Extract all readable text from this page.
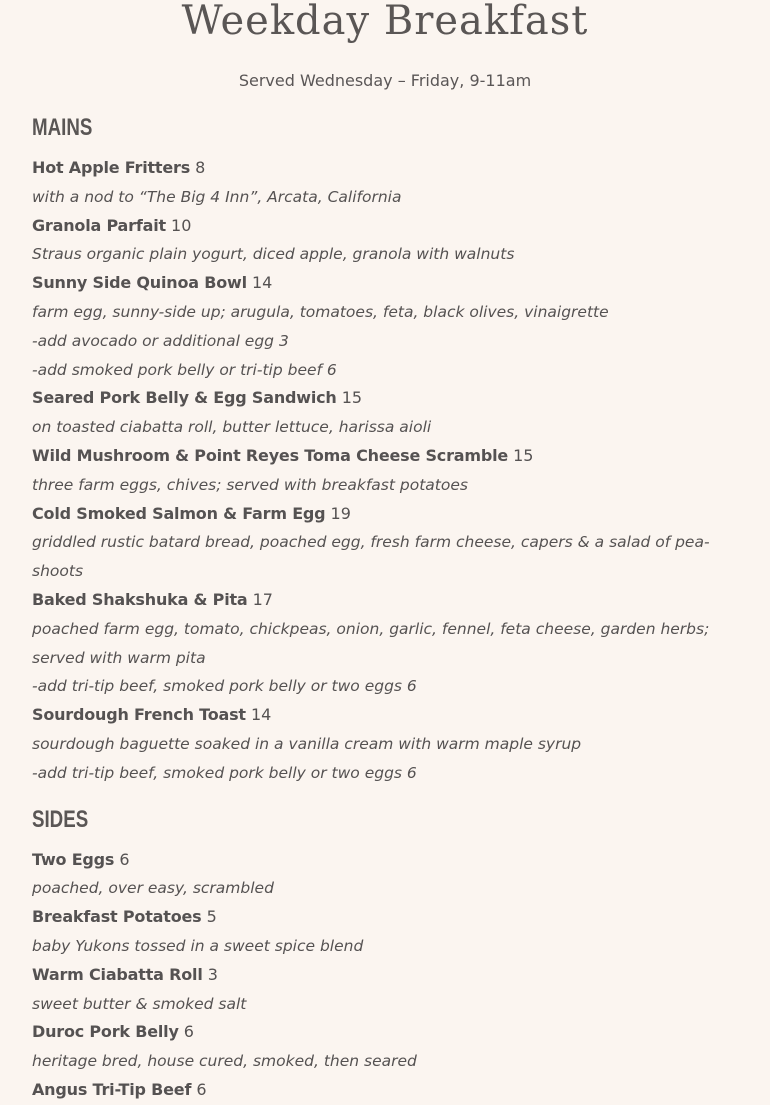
Weekday Breakfast
Served Wednesday – Friday, 9-11am
MAINS
Hot Apple Fritters 8
with a nod to “The Big 4 Inn”, Arcata, California
Granola Parfait 10
Straus organic plain yogurt, diced apple, granola with walnuts
Sunny Side Quinoa Bowl 14
farm egg, sunny-side up; arugula, tomatoes, feta, black olives, vinaigrette
-add avocado or additional egg 3
-add smoked pork belly or tri-tip beef 6
Seared Pork Belly & Egg Sandwich 15
on toasted ciabatta roll, butter lettuce, harissa aioli
Wild Mushroom & Point Reyes Toma Cheese Scramble 15
three farm eggs, chives; served with breakfast potatoes
Cold Smoked Salmon & Farm Egg 19
griddled rustic batard bread, poached egg, fresh farm cheese, capers & a salad of pea-shoots
Baked Shakshuka & Pita 17
poached farm egg, tomato, chickpeas, onion, garlic, fennel, feta cheese, garden herbs; served with warm pita
-add tri-tip beef, smoked pork belly or two eggs 6
Sourdough French Toast 14
sourdough baguette soaked in a vanilla cream with warm maple syrup
-add tri-tip beef, smoked pork belly or two eggs 6
SIDES
Two Eggs 6
poached, over easy, scrambled
Breakfast Potatoes 5
baby Yukons tossed in a sweet spice blend
Warm Ciabatta Roll 3
sweet butter & smoked salt
Duroc Pork Belly 6
heritage bred, house cured, smoked, then seared
Angus Tri-Tip Beef 6
